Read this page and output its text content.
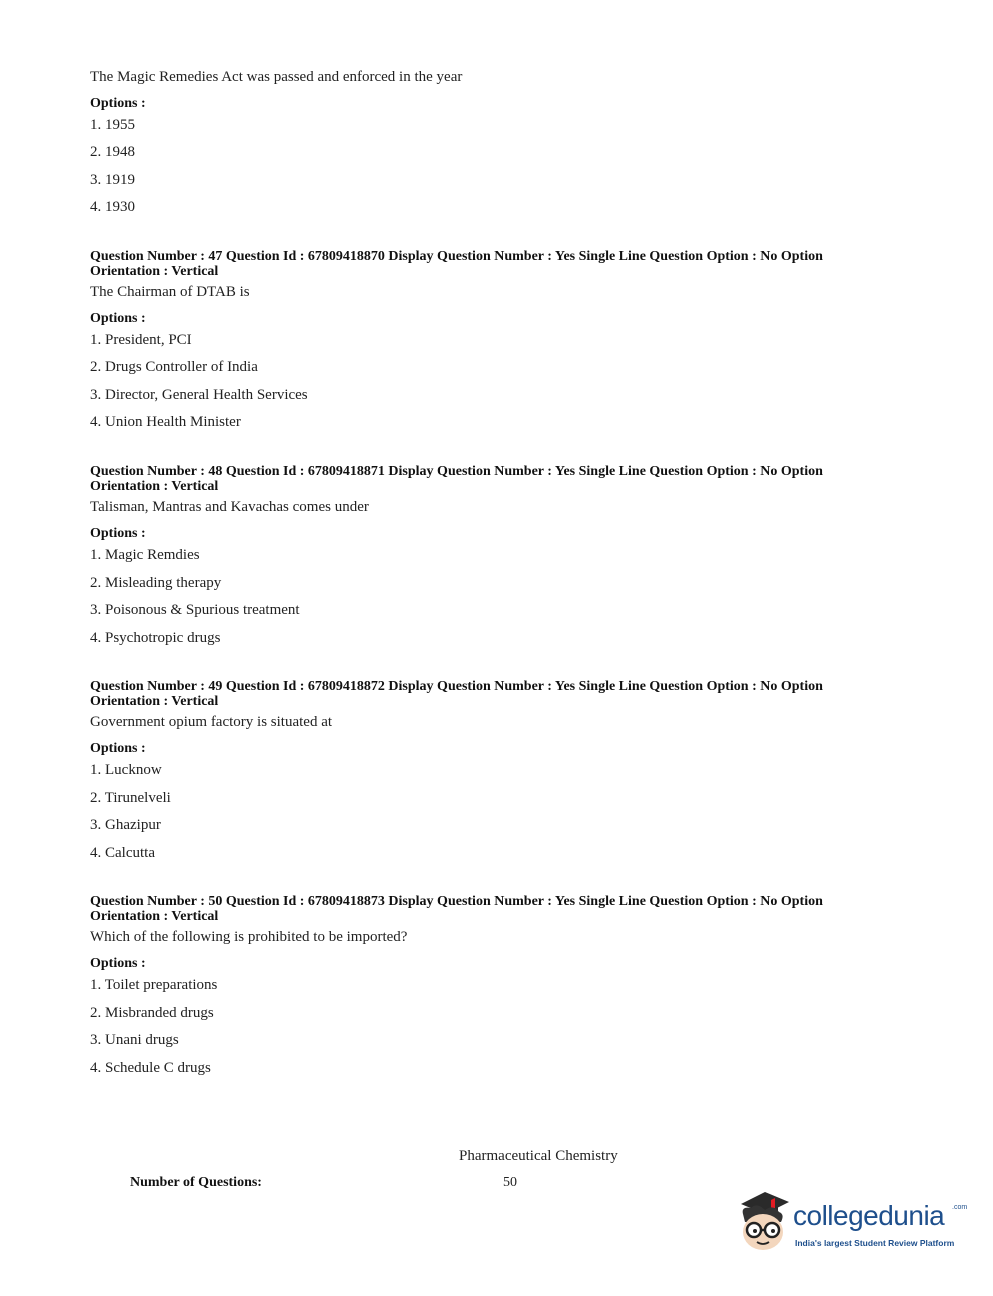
The Magic Remedies Act was passed and enforced in the year
Options :
1. 1955
2. 1948
3. 1919
4. 1930
Question Number : 47 Question Id : 67809418870 Display Question Number : Yes Single Line Question Option : No Option Orientation : Vertical
The Chairman of DTAB is
Options :
1. President, PCI
2. Drugs Controller of India
3. Director, General Health Services
4. Union Health Minister
Question Number : 48 Question Id : 67809418871 Display Question Number : Yes Single Line Question Option : No Option Orientation : Vertical
Talisman, Mantras and Kavachas comes under
Options :
1. Magic Remdies
2. Misleading therapy
3. Poisonous & Spurious treatment
4. Psychotropic drugs
Question Number : 49 Question Id : 67809418872 Display Question Number : Yes Single Line Question Option : No Option Orientation : Vertical
Government opium factory is situated at
Options :
1. Lucknow
2. Tirunelveli
3. Ghazipur
4. Calcutta
Question Number : 50 Question Id : 67809418873 Display Question Number : Yes Single Line Question Option : No Option Orientation : Vertical
Which of the following is prohibited to be imported?
Options :
1. Toilet preparations
2. Misbranded drugs
3. Unani drugs
4. Schedule C drugs
Pharmaceutical Chemistry
Number of Questions:	50
collegedunia .com
India's largest Student Review Platform
